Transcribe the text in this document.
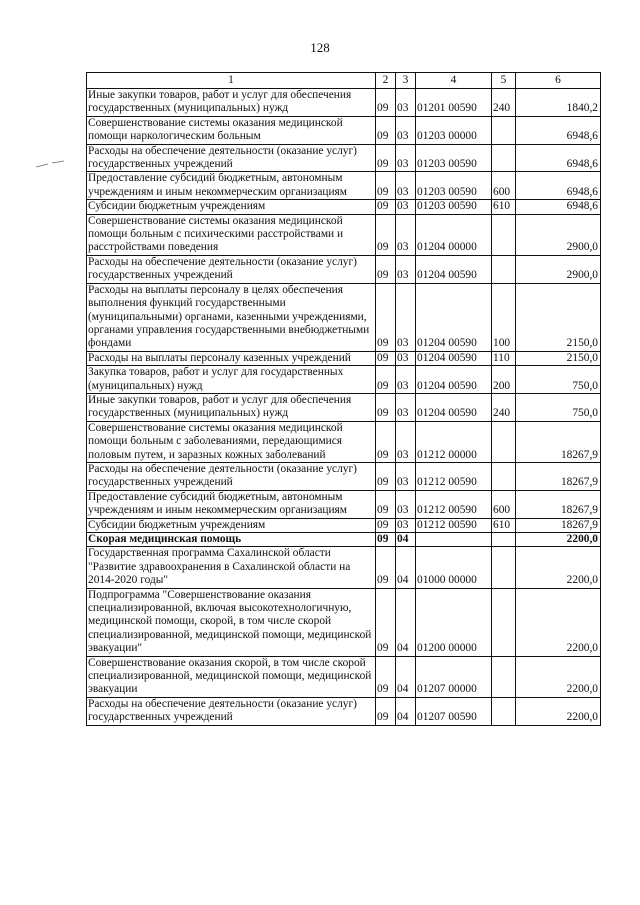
128
1	2	3	4	5	6
Иные закупки товаров, работ и услуг для обеспечения государственных (муниципальных) нужд	09	03	01201 00590	240	1840,2
Совершенствование системы оказания медицинской помощи наркологическим больным	09	03	01203 00000		6948,6
Расходы на обеспечение деятельности (оказание услуг) государственных учреждений	09	03	01203 00590		6948,6
Предоставление субсидий бюджетным, автономным учреждениям и иным некоммерческим организациям	09	03	01203 00590	600	6948,6
Субсидии бюджетным учреждениям	09	03	01203 00590	610	6948,6
Совершенствование системы оказания медицинской помощи больным с психическими расстройствами и расстройствами поведения	09	03	01204 00000		2900,0
Расходы на обеспечение деятельности (оказание услуг) государственных учреждений	09	03	01204 00590		2900,0
Расходы на выплаты персоналу в целях обеспечения выполнения функций государственными (муниципальными) органами, казенными учреждениями, органами управления государственными внебюджетными фондами	09	03	01204 00590	100	2150,0
Расходы на выплаты персоналу казенных учреждений	09	03	01204 00590	110	2150,0
Закупка товаров, работ и услуг для государственных (муниципальных) нужд	09	03	01204 00590	200	750,0
Иные закупки товаров, работ и услуг для обеспечения государственных (муниципальных) нужд	09	03	01204 00590	240	750,0
Совершенствование системы оказания медицинской помощи больным с заболеваниями, передающимися половым путем, и заразных кожных заболеваний	09	03	01212 00000		18267,9
Расходы на обеспечение деятельности (оказание услуг) государственных учреждений	09	03	01212 00590		18267,9
Предоставление субсидий бюджетным, автономным учреждениям и иным некоммерческим организациям	09	03	01212 00590	600	18267,9
Субсидии бюджетным учреждениям	09	03	01212 00590	610	18267,9
Скорая медицинская помощь	09	04			2200,0
Государственная программа Сахалинской области "Развитие здравоохранения в Сахалинской области на 2014-2020 годы"	09	04	01000 00000		2200,0
Подпрограмма "Совершенствование оказания специализированной, включая высокотехнологичную, медицинской помощи, скорой, в том числе скорой специализированной, медицинской помощи, медицинской эвакуации"	09	04	01200 00000		2200,0
Совершенствование оказания скорой, в том числе скорой специализированной, медицинской помощи, медицинской эвакуации	09	04	01207 00000		2200,0
Расходы на обеспечение деятельности (оказание услуг) государственных учреждений	09	04	01207 00590		2200,0
